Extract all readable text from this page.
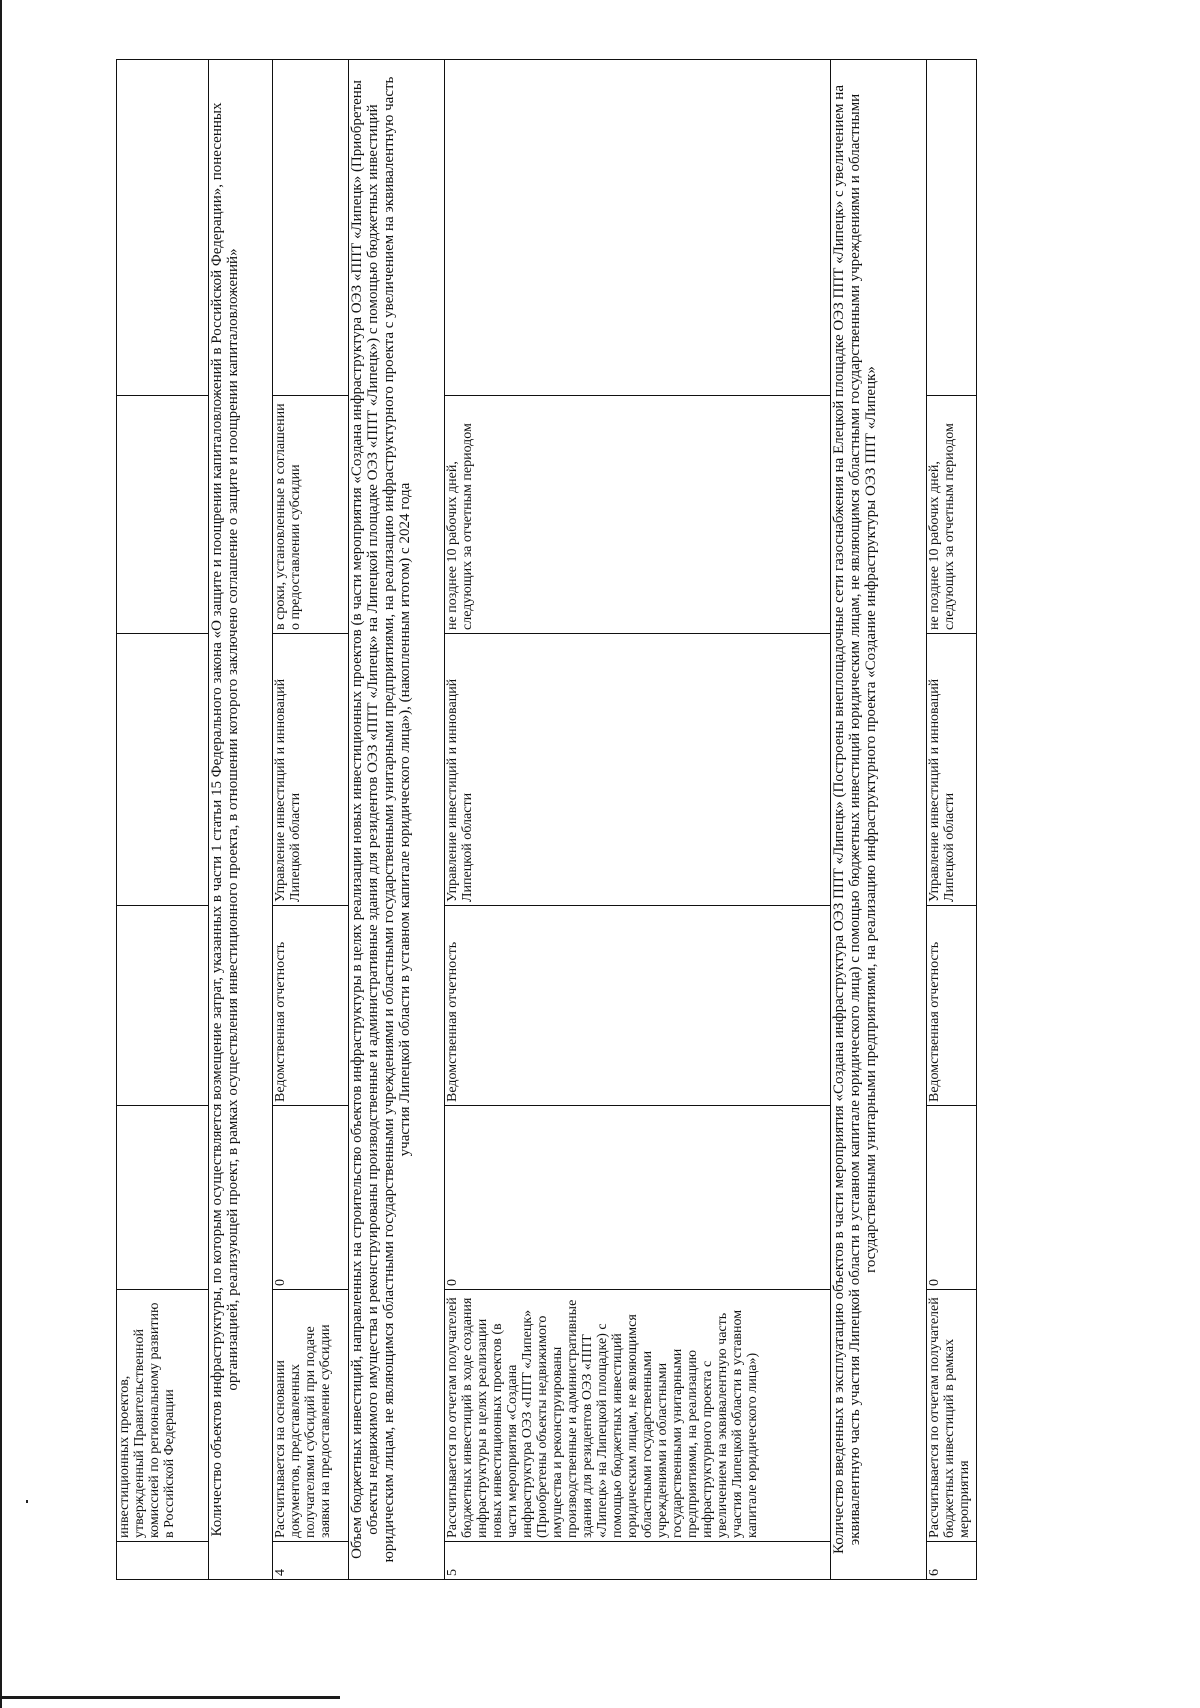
	инвестиционных проектов, утвержденный Правительственной комиссией по региональному развитию в Российской Федерации					
Количество объектов инфраструктуры, по которым осуществляется возмещение затрат, указанных в части 1 статьи 15 Федерального закона «О защите и поощрении капиталовложений в Российской Федерации», понесенных организацией, реализующей проект, в рамках осуществления инвестиционного проекта, в отношении которого заключено соглашение о защите и поощрении капиталовложений»						
4	Рассчитывается на основании документов, представленных получателями субсидий при подаче заявки на предоставление субсидии	0	Ведомственная отчетность	Управление инвестиций и инноваций Липецкой области	в сроки, установленные в соглашении о предоставлении субсидии	
Объем бюджетных инвестиций, направленных на строительство объектов инфраструктуры в целях реализации новых инвестиционных проектов (в части мероприятия «Создана инфраструктура ОЭЗ «ППТ «Липецк» (Приобретены объекты недвижимого имущества и реконструированы производственные и административные здания для резидентов ОЭЗ «ППТ «Липецк» на Липецкой площадке ОЭЗ «ППТ «Липецк») с помощью бюджетных инвестиций юридическим лицам, не являющимся областными государственными учреждениями и областными государственными унитарными предприятиями, на реализацию инфраструктурного проекта с увеличением на эквивалентную часть участия Липецкой области в уставном капитале юридического лица»), (накопленным итогом) с 2024 года						
5	Рассчитывается по отчетам получателей бюджетных инвестиций в ходе создания инфраструктуры в целях реализации новых инвестиционных проектов (в части мероприятия «Создана инфраструктура ОЭЗ «ППТ «Липецк» (Приобретены объекты недвижимого имущества и реконструированы производственные и административные здания для резидентов ОЭЗ «ППТ «Липецк» на Липецкой площадке) с помощью бюджетных инвестиций юридическим лицам, не являющимся областными государственными учреждениями и областными государственными унитарными предприятиями, на реализацию инфраструктурного проекта с увеличением на эквивалентную часть участия Липецкой области в уставном капитале юридического лица»)	0	Ведомственная отчетность	Управление инвестиций и инноваций Липецкой области	не позднее 10 рабочих дней, следующих за отчетным периодом	
Количество введенных в эксплуатацию объектов в части мероприятия «Создана инфраструктура ОЭЗ ППТ «Липецк» (Построены внеплощадочные сети газоснабжения на Елецкой площадке ОЭЗ ППТ «Липецк» с увеличением на эквивалентную часть участия Липецкой области в уставном капитале юридического лица) с помощью бюджетных инвестиций юридическим лицам, не являющимся областными государственными учреждениями и областными государственными унитарными предприятиями, на реализацию инфраструктурного проекта «Создание инфраструктуры ОЭЗ ППТ «Липецк»						
6	Рассчитывается по отчетам получателей бюджетных инвестиций в рамках мероприятия	0	Ведомственная отчетность	Управление инвестиций и инноваций Липецкой области	не позднее 10 рабочих дней, следующих за отчетным периодом	
